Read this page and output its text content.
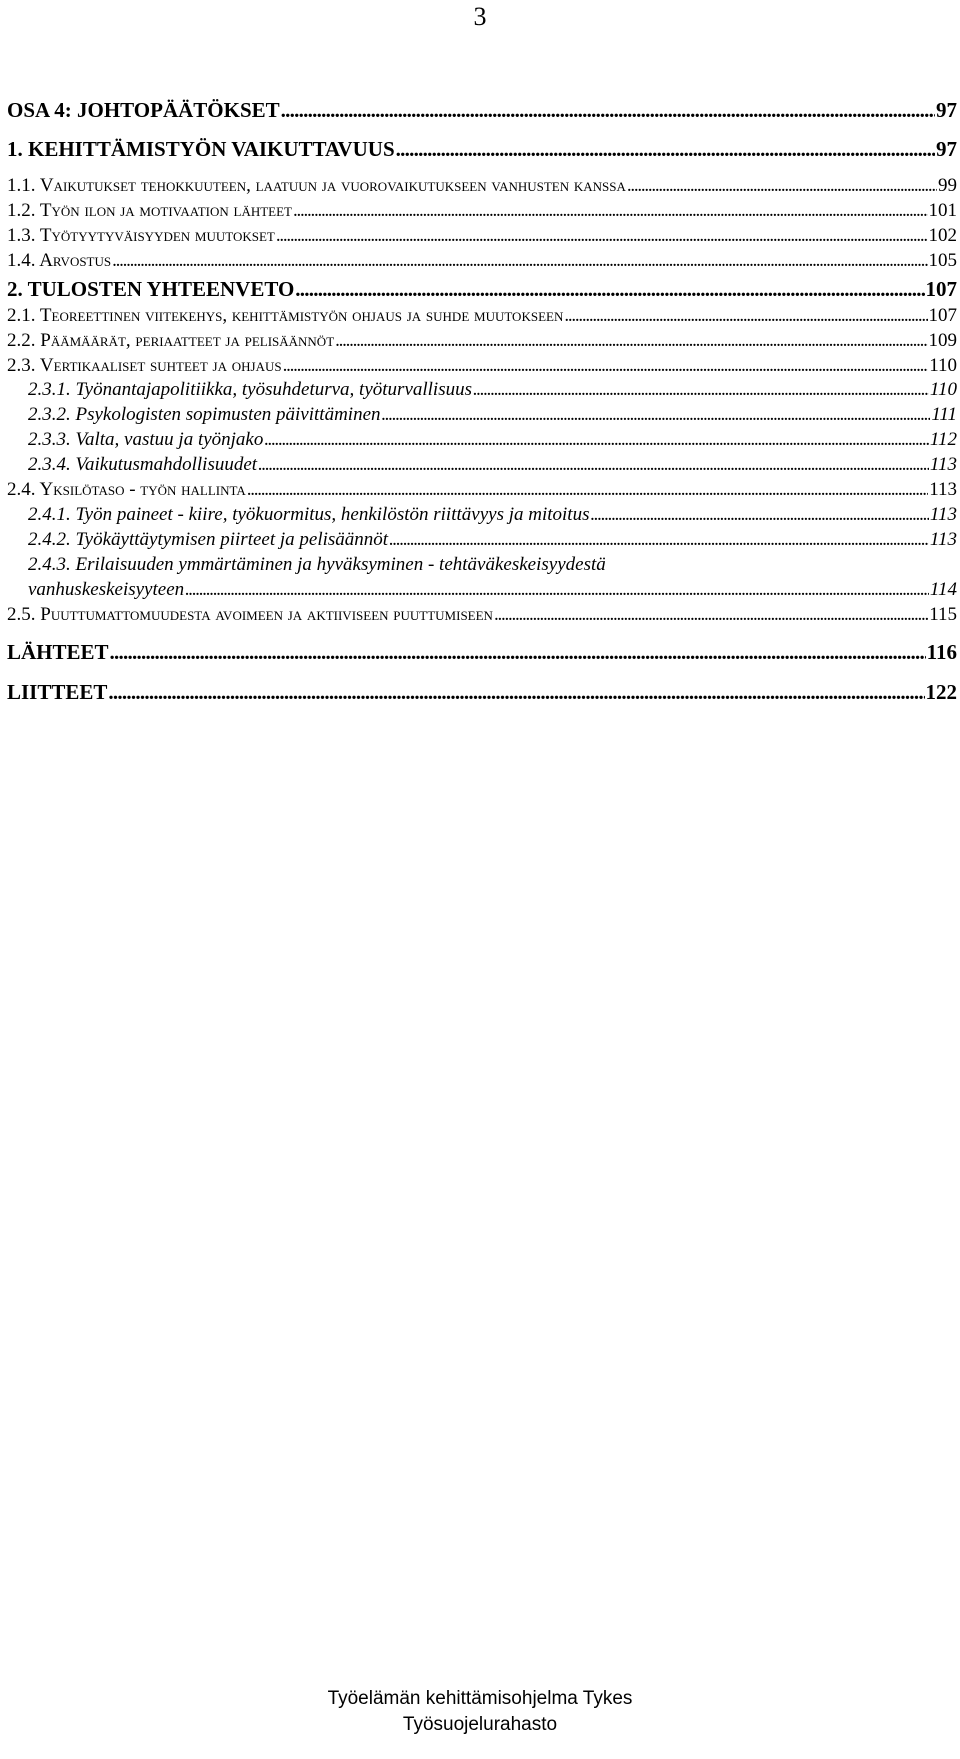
3
OSA 4: JOHTOPÄÄTÖKSET . . .	97
1. KEHITTÄMISTYÖN VAIKUTTAVUUS . . .	97
1.1. Vaikutukset tehokkuuteen, laatuun ja vuorovaikutukseen vanhusten kanssa . . .	99
1.2. Työn ilon ja motivaation lähteet . . .	101
1.3. Työtyytyväisyyden muutokset . . .	102
1.4. Arvostus . . .	105
2. TULOSTEN YHTEENVETO . . .	107
2.1. Teoreettinen viitekehys, kehittämistyön ohjaus ja suhde muutokseen . . .	107
2.2. Päämäärät, periaatteet ja pelisäännöt . . .	109
2.3. Vertikaaliset suhteet ja ohjaus . . .	110
2.3.1. Työnantajapolitiikka, työsuhdeturva, työturvallisuus . . .	110
2.3.2. Psykologisten sopimusten päivittäminen . . .	111
2.3.3. Valta, vastuu ja työnjako . . .	112
2.3.4. Vaikutusmahdollisuudet . . .	113
2.4. Yksilötaso - työn hallinta . . .	113
2.4.1. Työn paineet - kiire, työkuormitus, henkilöstön riittävyys ja mitoitus . . .	113
2.4.2. Työkäyttäytymisen piirteet ja pelisäännöt . . .	113
2.4.3. Erilaisuuden ymmärtäminen ja hyväksyminen - tehtäväkeskeisyydestä
vanhuskeskeisyyteen . . .	114
2.5. Puuttumattomuudesta avoimeen ja aktiiviseen puuttumiseen . . .	115
LÄHTEET . . .	116
LIITTEET . . .	122
Työelämän kehittämisohjelma Tykes
Työsuojelurahasto
